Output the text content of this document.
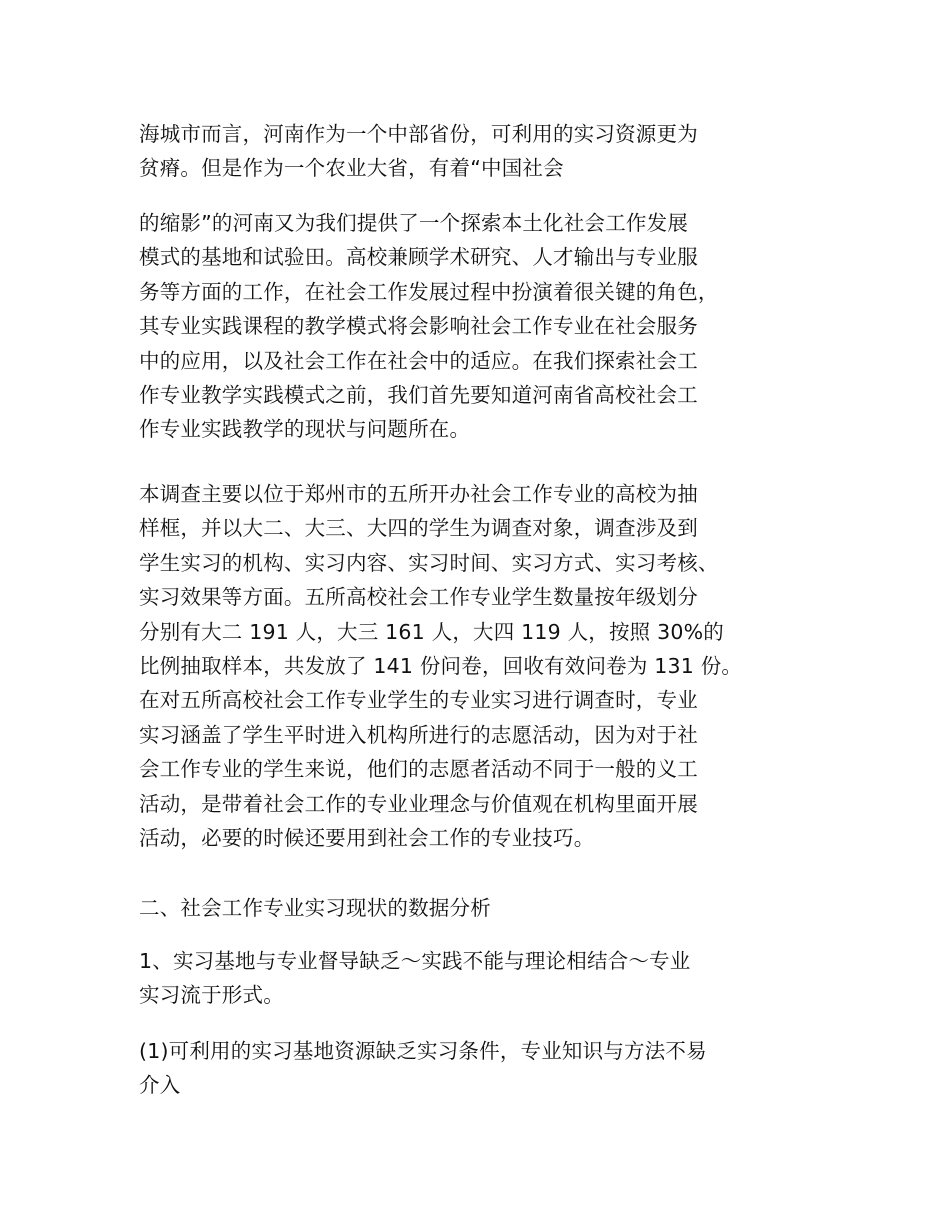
海城市而言，河南作为一个中部省份，可利用的实习资源更为
贫瘠。但是作为一个农业大省，有着“中国社会
的缩影”的河南又为我们提供了一个探索本土化社会工作发展
模式的基地和试验田。高校兼顾学术研究、人才输出与专业服
务等方面的工作，在社会工作发展过程中扮演着很关键的角色，
其专业实践课程的教学模式将会影响社会工作专业在社会服务
中的应用，以及社会工作在社会中的适应。在我们探索社会工
作专业教学实践模式之前，我们首先要知道河南省高校社会工
作专业实践教学的现状与问题所在。
本调查主要以位于郑州市的五所开办社会工作专业的高校为抽
样框，并以大二、大三、大四的学生为调查对象，调查涉及到
学生实习的机构、实习内容、实习时间、实习方式、实习考核、
实习效果等方面。五所高校社会工作专业学生数量按年级划分
分别有大二 191 人，大三 161 人，大四 119 人，按照 30%的
比例抽取样本，共发放了 141 份问卷，回收有效问卷为 131 份。
在对五所高校社会工作专业学生的专业实习进行调查时，专业
实习涵盖了学生平时进入机构所进行的志愿活动，因为对于社
会工作专业的学生来说，他们的志愿者活动不同于一般的义工
活动，是带着社会工作的专业业理念与价值观在机构里面开展
活动，必要的时候还要用到社会工作的专业技巧。
二、社会工作专业实习现状的数据分析
1、实习基地与专业督导缺乏～实践不能与理论相结合～专业
实习流于形式。
(1)可利用的实习基地资源缺乏实习条件，专业知识与方法不易
介入
